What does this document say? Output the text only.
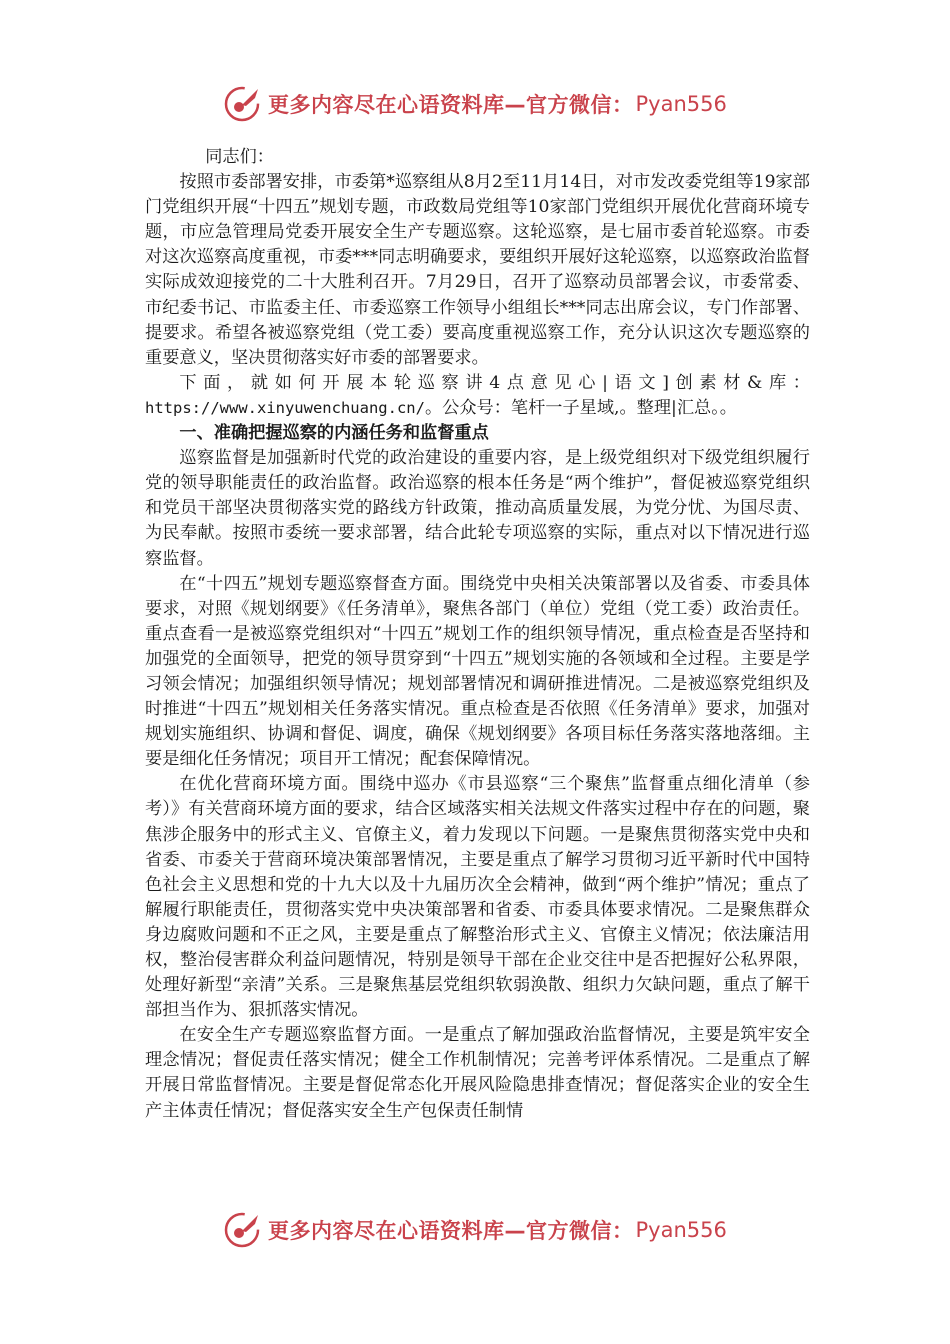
更多内容尽在心语资料库—官方微信： Pyan556

同志们：

按照市委部署安排，市委第*巡察组从8月2至11月14日，对市发改委党组等19家部门党组织开展“十四五”规划专题，市政数局党组等10家部门党组织开展优化营商环境专题，市应急管理局党委开展安全生产专题巡察。这轮巡察，是七届市委首轮巡察。市委对这次巡察高度重视，市委***同志明确要求，要组织开展好这轮巡察，以巡察政治监督实际成效迎接党的二十大胜利召开。7月29日，召开了巡察动员部署会议，市委常委、市纪委书记、市监委主任、市委巡察工作领导小组组长***同志出席会议，专门作部署、提要求。希望各被巡察党组（党工委）要高度重视巡察工作，充分认识这次专题巡察的重要意义，坚决贯彻落实好市委的部署要求。

下面，就如何开展本轮巡察讲4点意见心|语文]创素材&库：https://www.xinyuwenchuang.cn/。公众号：笔杆一子星域,。整理|汇总。。

一、准确把握巡察的内涵任务和监督重点

巡察监督是加强新时代党的政治建设的重要内容，是上级党组织对下级党组织履行党的领导职能责任的政治监督。政治巡察的根本任务是“两个维护”，督促被巡察党组织和党员干部坚决贯彻落实党的路线方针政策，推动高质量发展，为党分忧、为国尽责、为民奉献。按照市委统一要求部署，结合此轮专项巡察的实际，重点对以下情况进行巡察监督。

在“十四五”规划专题巡察督查方面。围绕党中央相关决策部署以及省委、市委具体要求，对照《规划纲要》《任务清单》，聚焦各部门（单位）党组（党工委）政治责任。重点查看一是被巡察党组织对“十四五”规划工作的组织领导情况，重点检查是否坚持和加强党的全面领导，把党的领导贯穿到“十四五”规划实施的各领域和全过程。主要是学习领会情况；加强组织领导情况；规划部署情况和调研推进情况。二是被巡察党组织及时推进“十四五”规划相关任务落实情况。重点检查是否依照《任务清单》要求，加强对规划实施组织、协调和督促、调度，确保《规划纲要》各项目标任务落实落地落细。主要是细化任务情况；项目开工情况；配套保障情况。

在优化营商环境方面。围绕中巡办《市县巡察“三个聚焦”监督重点细化清单（参考）》有关营商环境方面的要求，结合区域落实相关法规文件落实过程中存在的问题，聚焦涉企服务中的形式主义、官僚主义，着力发现以下问题。一是聚焦贯彻落实党中央和省委、市委关于营商环境决策部署情况，主要是重点了解学习贯彻习近平新时代中国特色社会主义思想和党的十九大以及十九届历次全会精神，做到“两个维护”情况；重点了解履行职能责任，贯彻落实党中央决策部署和省委、市委具体要求情况。二是聚焦群众身边腐败问题和不正之风，主要是重点了解整治形式主义、官僚主义情况；依法廉洁用权，整治侵害群众利益问题情况，特别是领导干部在企业交往中是否把握好公私界限，处理好新型“亲清”关系。三是聚焦基层党组织软弱涣散、组织力欠缺问题，重点了解干部担当作为、狠抓落实情况。

在安全生产专题巡察监督方面。一是重点了解加强政治监督情况，主要是筑牢安全理念情况；督促责任落实情况；健全工作机制情况；完善考评体系情况。二是重点了解开展日常监督情况。主要是督促常态化开展风险隐患排查情况；督促落实企业的安全生产主体责任情况；督促落实安全生产包保责任制情

更多内容尽在心语资料库—官方微信： Pyan556
